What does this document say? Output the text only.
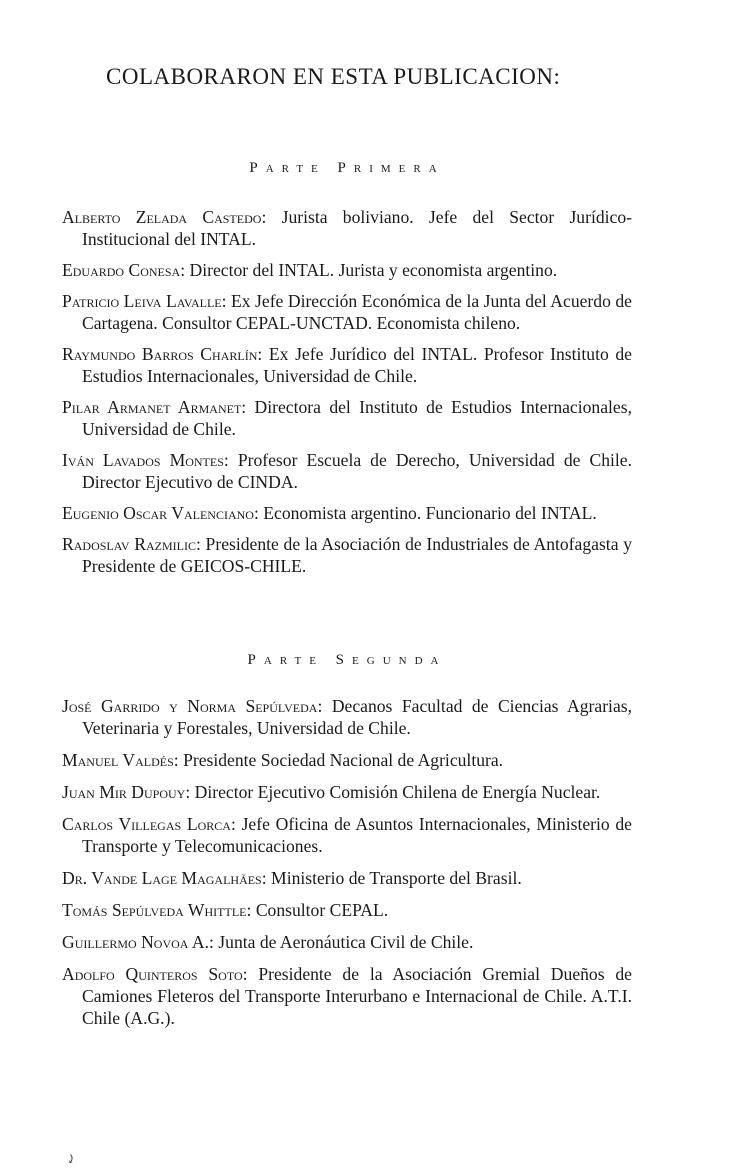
COLABORARON EN ESTA PUBLICACION:
Parte Primera
Alberto Zelada Castedo: Jurista boliviano. Jefe del Sector Jurídico-Institucional del INTAL.
Eduardo Conesa: Director del INTAL. Jurista y economista argentino.
Patricio Leiva Lavalle: Ex Jefe Dirección Económica de la Junta del Acuerdo de Cartagena. Consultor CEPAL-UNCTAD. Economista chileno.
Raymundo Barros Charlín: Ex Jefe Jurídico del INTAL. Profesor Instituto de Estudios Internacionales, Universidad de Chile.
Pilar Armanet Armanet: Directora del Instituto de Estudios Internacionales, Universidad de Chile.
Iván Lavados Montes: Profesor Escuela de Derecho, Universidad de Chile. Director Ejecutivo de CINDA.
Eugenio Oscar Valenciano: Economista argentino. Funcionario del INTAL.
Radoslav Razmilic: Presidente de la Asociación de Industriales de Antofagasta y Presidente de GEICOS-CHILE.
Parte Segunda
José Garrido y Norma Sepúlveda: Decanos Facultad de Ciencias Agrarias, Veterinaria y Forestales, Universidad de Chile.
Manuel Valdés: Presidente Sociedad Nacional de Agricultura.
Juan Mir Dupouy: Director Ejecutivo Comisión Chilena de Energía Nuclear.
Carlos Villegas Lorca: Jefe Oficina de Asuntos Internacionales, Ministerio de Transporte y Telecomunicaciones.
Dr. Vande Lage Magalhães: Ministerio de Transporte del Brasil.
Tomás Sepúlveda Whittle: Consultor CEPAL.
Guillermo Novoa A.: Junta de Aeronáutica Civil de Chile.
Adolfo Quinteros Soto: Presidente de la Asociación Gremial Dueños de Camiones Fleteros del Transporte Interurbano e Internacional de Chile. A.T.I. Chile (A.G.).
⤸
